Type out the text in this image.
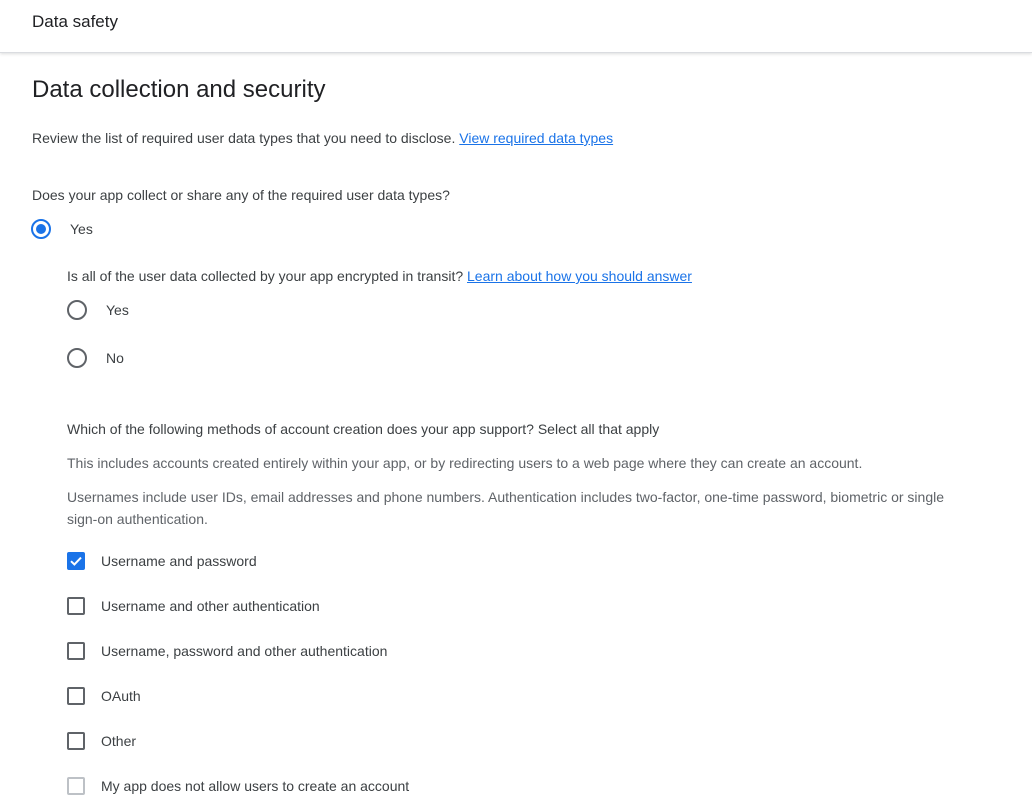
Data safety
Data collection and security
Review the list of required user data types that you need to disclose. View required data types
Does your app collect or share any of the required user data types?
Yes
Is all of the user data collected by your app encrypted in transit? Learn about how you should answer
Yes
No
Which of the following methods of account creation does your app support? Select all that apply
This includes accounts created entirely within your app, or by redirecting users to a web page where they can create an account.
Usernames include user IDs, email addresses and phone numbers. Authentication includes two-factor, one-time password, biometric or single sign-on authentication.
Username and password
Username and other authentication
Username, password and other authentication
OAuth
Other
My app does not allow users to create an account
